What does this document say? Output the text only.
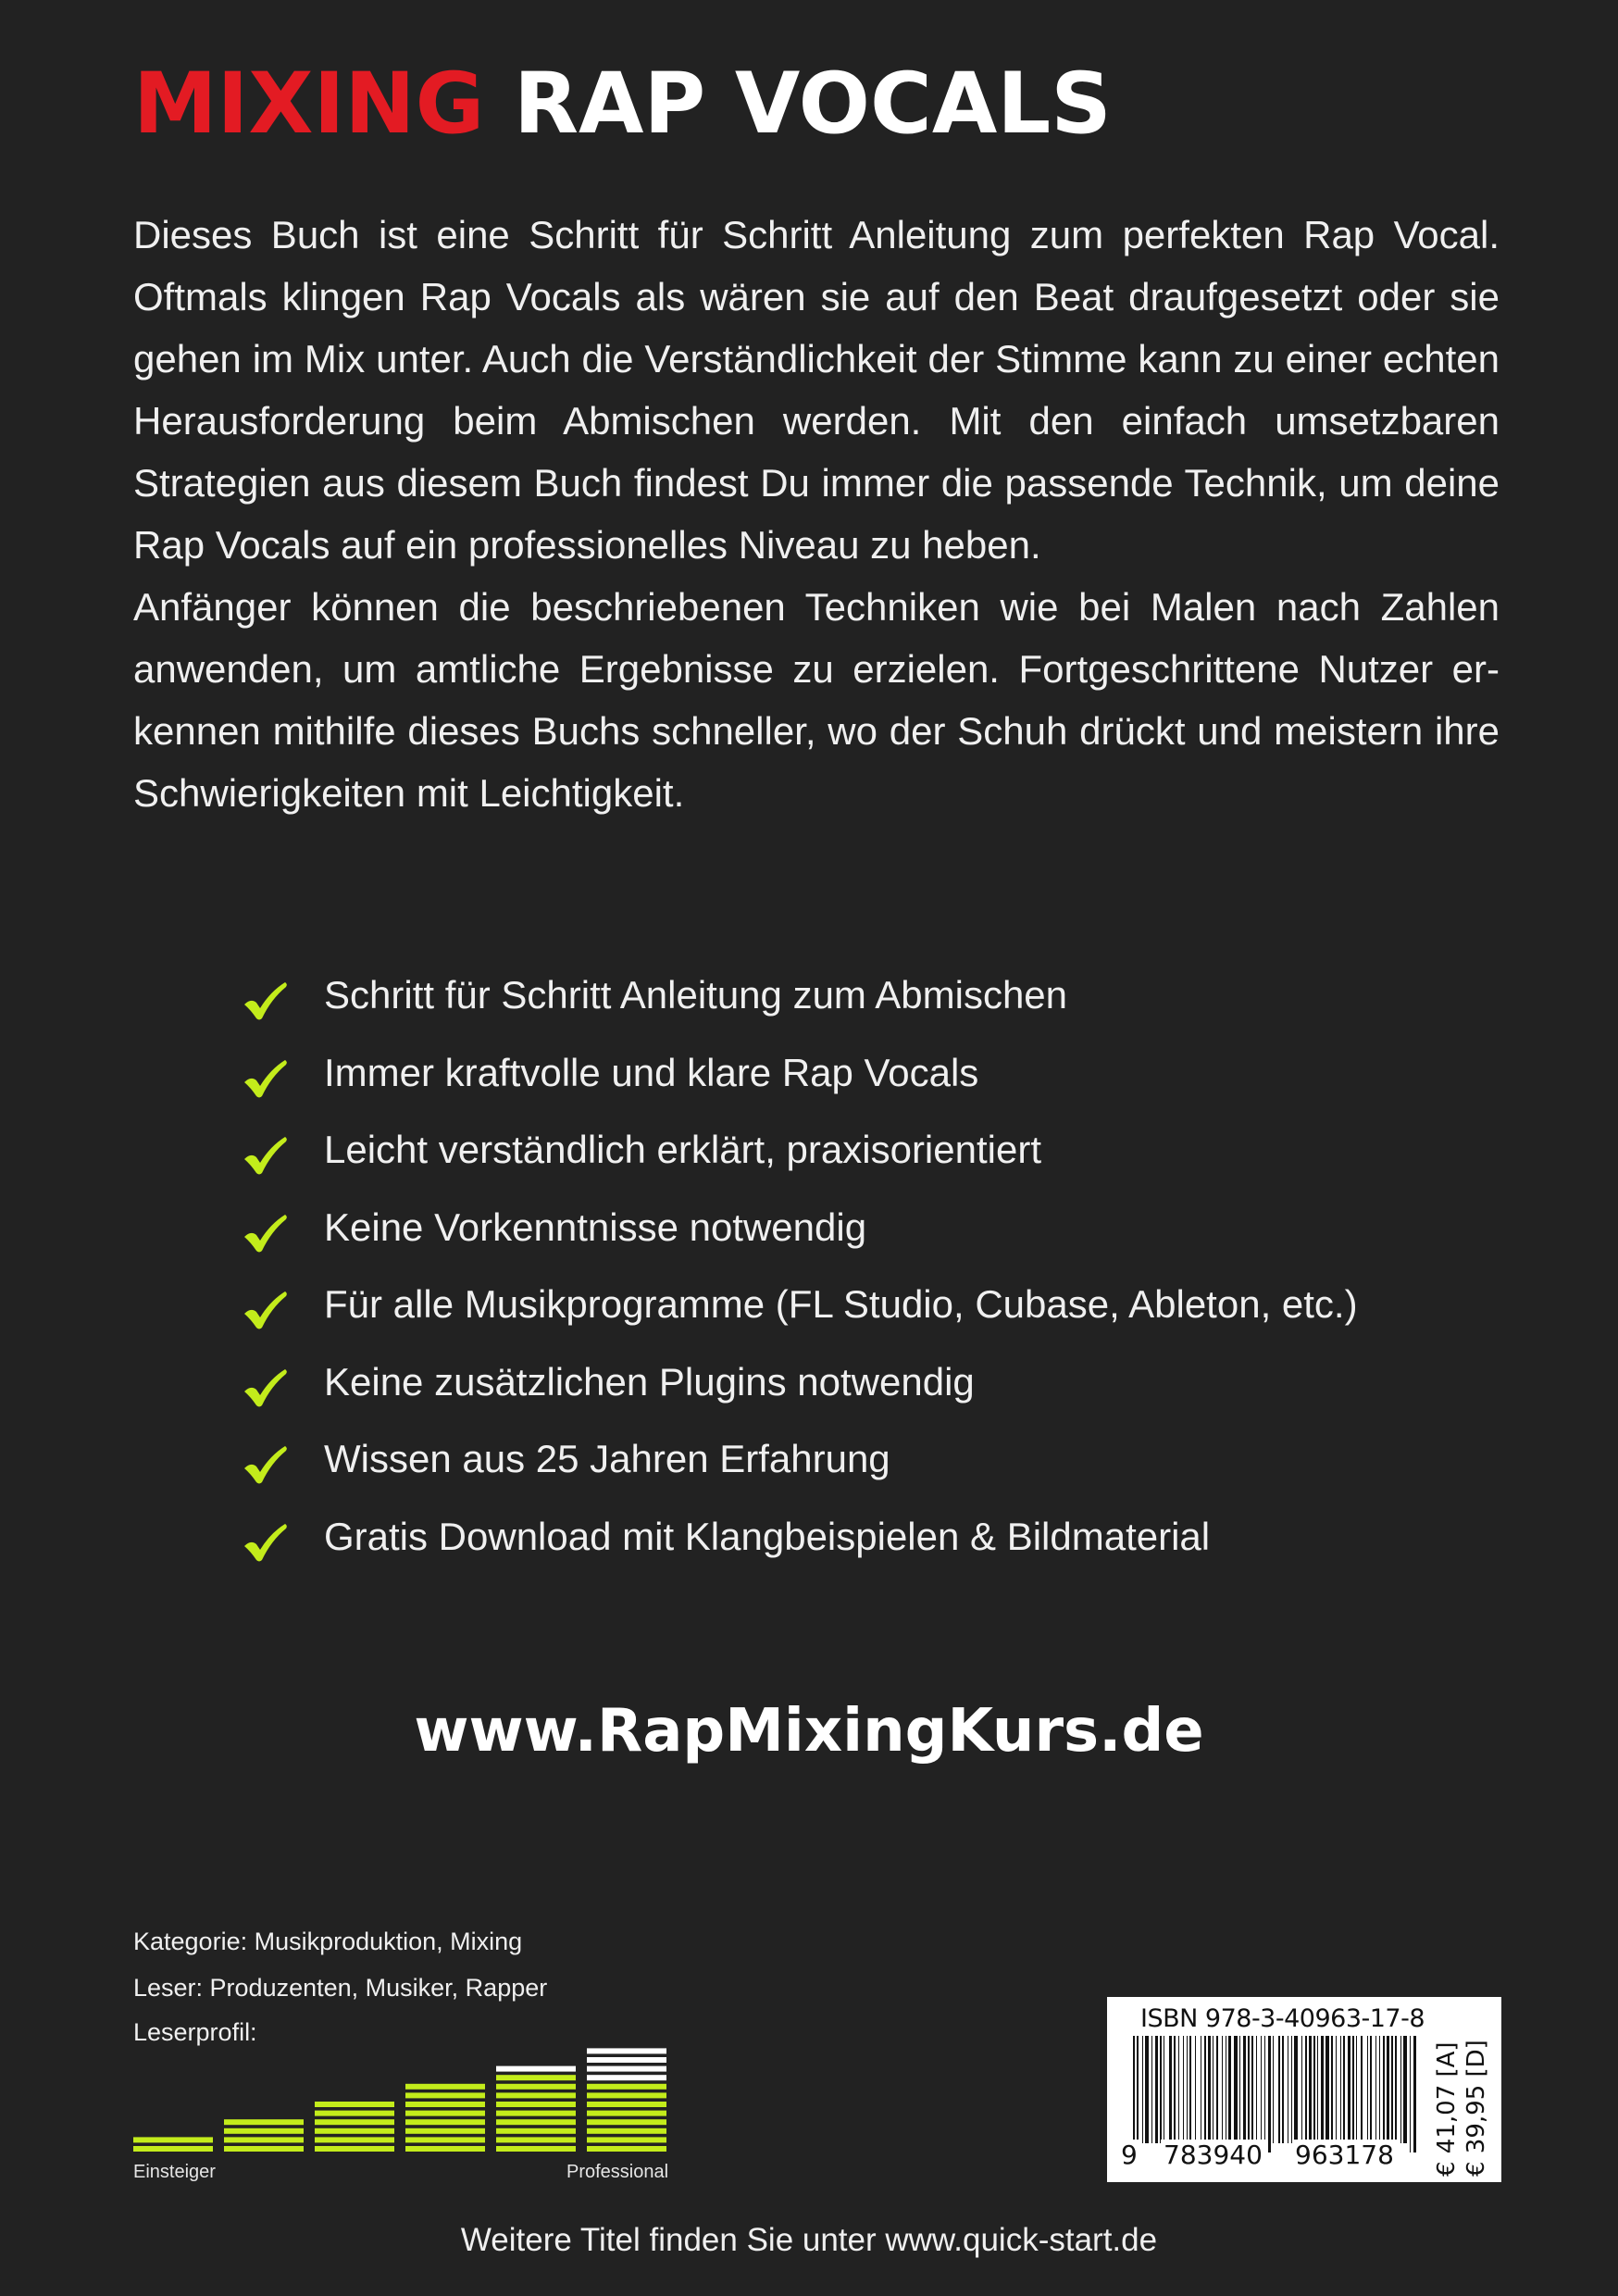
MIXING RAP VOCALS

Dieses Buch ist eine Schritt für Schritt Anleitung zum perfekten Rap Vocal. Oftmals klingen Rap Vocals als wären sie auf den Beat draufgesetzt oder sie gehen im Mix unter. Auch die Verständlichkeit der Stimme kann zu einer echten Herausforderung beim Abmischen werden. Mit den einfach umsetzbaren Strategien aus diesem Buch findest Du immer die passende Technik, um deine Rap Vocals auf ein professionelles Niveau zu heben.

Anfänger können die beschriebenen Techniken wie bei Malen nach Zahlen anwenden, um amtliche Ergebnisse zu erzielen. Fortgeschrittene Nutzer erkennen mithilfe dieses Buchs schneller, wo der Schuh drückt und meistern ihre Schwierigkeiten mit Leichtigkeit.

Schritt für Schritt Anleitung zum Abmischen
Immer kraftvolle und klare Rap Vocals
Leicht verständlich erklärt, praxisorientiert
Keine Vorkenntnisse notwendig
Für alle Musikprogramme (FL Studio, Cubase, Ableton, etc.)
Keine zusätzlichen Plugins notwendig
Wissen aus 25 Jahren Erfahrung
Gratis Download mit Klangbeispielen & Bildmaterial
www.RapMixingKurs.de
Kategorie: Musikproduktion, Mixing
Leser: Produzenten, Musiker, Rapper
Leserprofil:
Einsteiger	Professional
ISBN 978-3-40963-17-8
9 783940 963178	€ 39,95 [D]
€ 41,07 [A]
Weitere Titel finden Sie unter www.quick-start.de
